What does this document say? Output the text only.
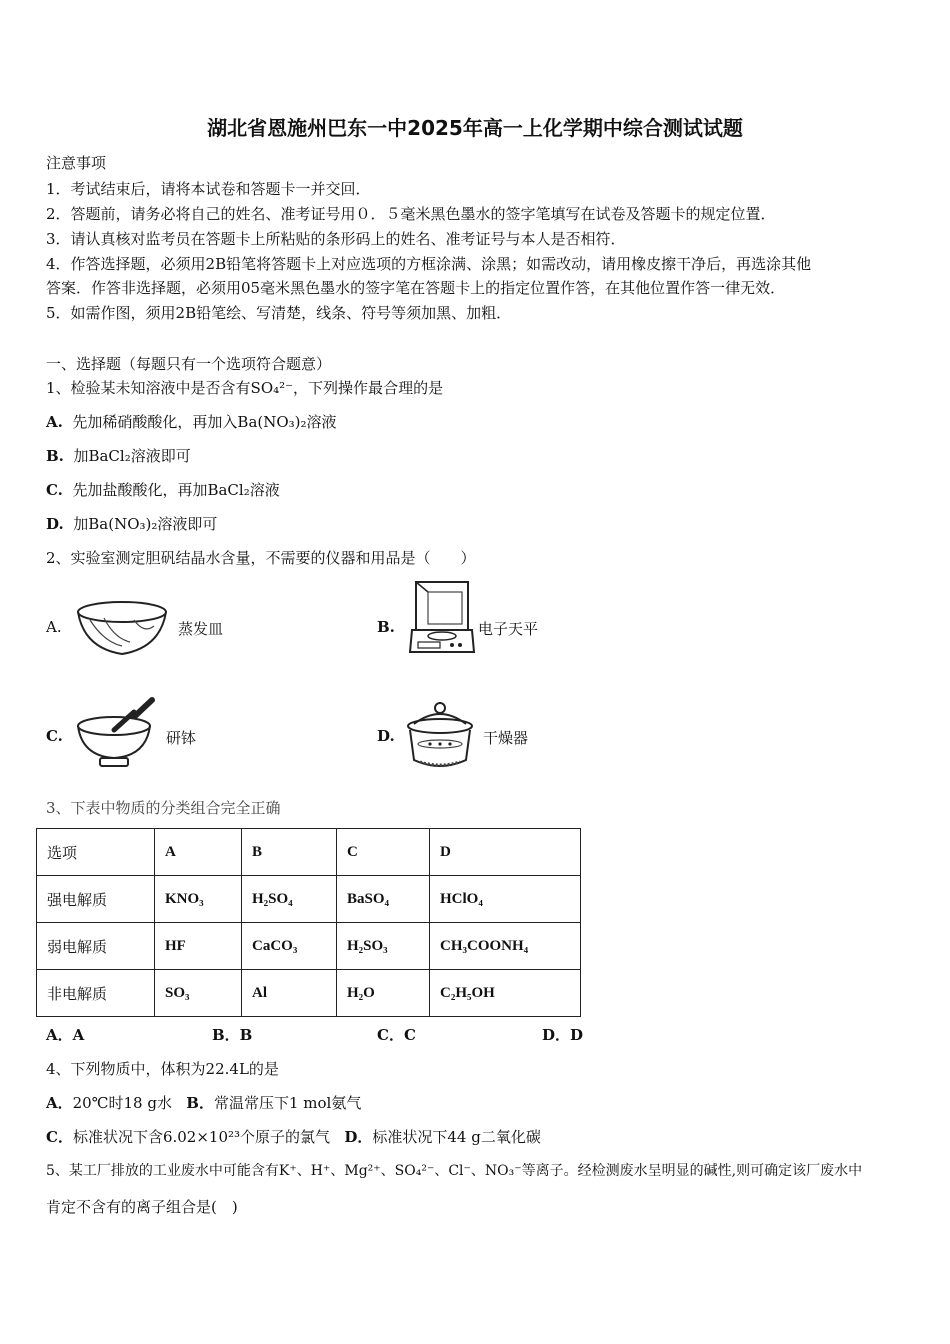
湖北省恩施州巴东一中2025年高一上化学期中综合测试试题
注意事项
1．考试结束后，请将本试卷和答题卡一并交回．
2．答题前，请务必将自己的姓名、准考证号用０．５毫米黑色墨水的签字笔填写在试卷及答题卡的规定位置．
3．请认真核对监考员在答题卡上所粘贴的条形码上的姓名、准考证号与本人是否相符．
4．作答选择题，必须用2B铅笔将答题卡上对应选项的方框涂满、涂黑；如需改动，请用橡皮擦干净后，再选涂其他
答案．作答非选择题，必须用05毫米黑色墨水的签字笔在答题卡上的指定位置作答，在其他位置作答一律无效．
5．如需作图，须用2B铅笔绘、写清楚，线条、符号等须加黑、加粗．
一、选择题（每题只有一个选项符合题意）
1、检验某未知溶液中是否含有SO₄²⁻，下列操作最合理的是
A. 先加稀硝酸酸化，再加入Ba(NO₃)₂溶液
B. 加BaCl₂溶液即可
C. 先加盐酸酸化，再加BaCl₂溶液
D. 加Ba(NO₃)₂溶液即可
2、实验室测定胆矾结晶水含量，不需要的仪器和用品是（　　）
A.	蒸发皿	B.	电子天平
C.	研钵	D.	干燥器
3、下表中物质的分类组合完全正确
选项	A	B	C	D
强电解质	KNO₃	H₂SO₄	BaSO₄	HClO₄
弱电解质	HF	CaCO₃	H₂SO₃	CH₃COONH₄
非电解质	SO₃	Al	H₂O	C₂H₅OH
A．A	B．B	C．C	D．D
4、下列物质中，体积为22.4L的是
A．20℃时18 g水 B．常温常压下1 mol氨气
C．标准状况下含6.02×10²³个原子的氯气 D．标准状况下44 g二氧化碳
5、某工厂排放的工业废水中可能含有K⁺、H⁺、Mg²⁺、SO₄²⁻、Cl⁻、NO₃⁻等离子。经检测废水呈明显的碱性,则可确定该厂废水中
肯定不含有的离子组合是(　)
